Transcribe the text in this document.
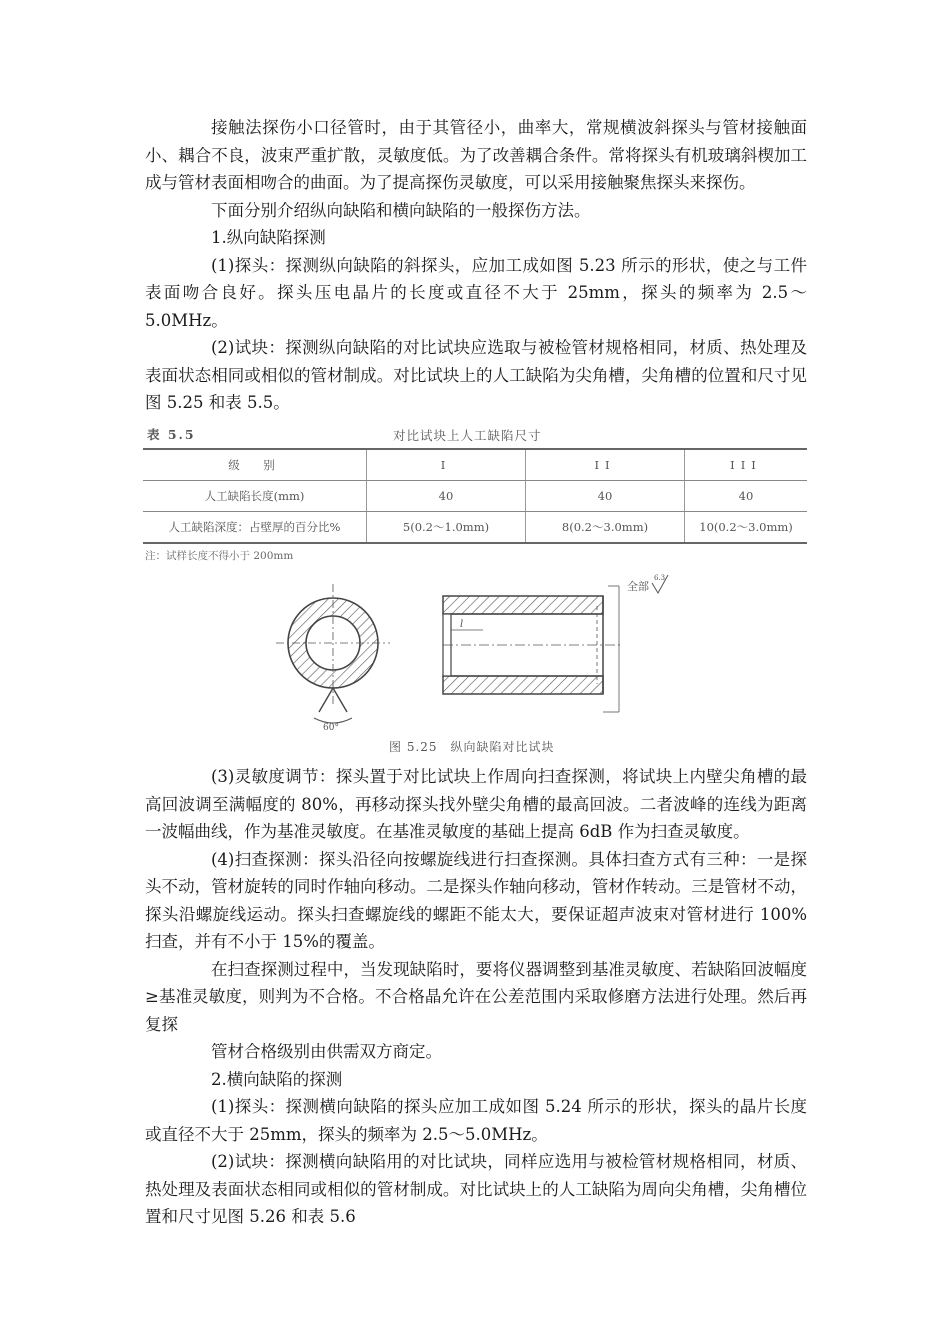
接触法探伤小口径管时，由于其管径小，曲率大，常规横波斜探头与管材接触面小、耦合不良，波束严重扩散，灵敏度低。为了改善耦合条件。常将探头有机玻璃斜楔加工成与管材表面相吻合的曲面。为了提高探伤灵敏度，可以采用接触聚焦探头来探伤。

下面分别介绍纵向缺陷和横向缺陷的一般探伤方法。

1.纵向缺陷探测

(1)探头：探测纵向缺陷的斜探头，应加工成如图 5.23 所示的形状，使之与工件表面吻合良好。探头压电晶片的长度或直径不大于 25mm，探头的频率为 2.5～5.0MHz。

(2)试块：探测纵向缺陷的对比试块应选取与被检管材规格相同，材质、热处理及表面状态相同或相似的管材制成。对比试块上的人工缺陷为尖角槽，尖角槽的位置和尺寸见图 5.25 和表 5.5。

表 5.5	对比试块上人工缺陷尺寸
级　别	I	II	III
人工缺陷长度(mm)	40	40	40
人工缺陷深度：占壁厚的百分比%	5(0.2～1.0mm)	8(0.2～3.0mm)	10(0.2～3.0mm)
注：试样长度不得小于 200mm
60°
l
全部
6.3
图 5.25　纵向缺陷对比试块

(3)灵敏度调节：探头置于对比试块上作周向扫查探测，将试块上内壁尖角槽的最高回波调至满幅度的 80%，再移动探头找外壁尖角槽的最高回波。二者波峰的连线为距离一波幅曲线，作为基准灵敏度。在基准灵敏度的基础上提高 6dB 作为扫查灵敏度。

(4)扫查探测：探头沿径向按螺旋线进行扫查探测。具体扫查方式有三种：一是探头不动，管材旋转的同时作轴向移动。二是探头作轴向移动，管材作转动。三是管材不动，探头沿螺旋线运动。探头扫查螺旋线的螺距不能太大，要保证超声波束对管材进行 100%扫查，并有不小于 15%的覆盖。

在扫查探测过程中，当发现缺陷时，要将仪器调整到基准灵敏度、若缺陷回波幅度≥基准灵敏度，则判为不合格。不合格晶允许在公差范围内采取修磨方法进行处理。然后再复探

管材合格级别由供需双方商定。

2.横向缺陷的探测

(1)探头：探测横向缺陷的探头应加工成如图 5.24 所示的形状，探头的晶片长度或直径不大于 25mm，探头的频率为 2.5～5.0MHz。

(2)试块：探测横向缺陷用的对比试块，同样应选用与被检管材规格相同，材质、热处理及表面状态相同或相似的管材制成。对比试块上的人工缺陷为周向尖角槽，尖角槽位置和尺寸见图 5.26 和表 5.6
